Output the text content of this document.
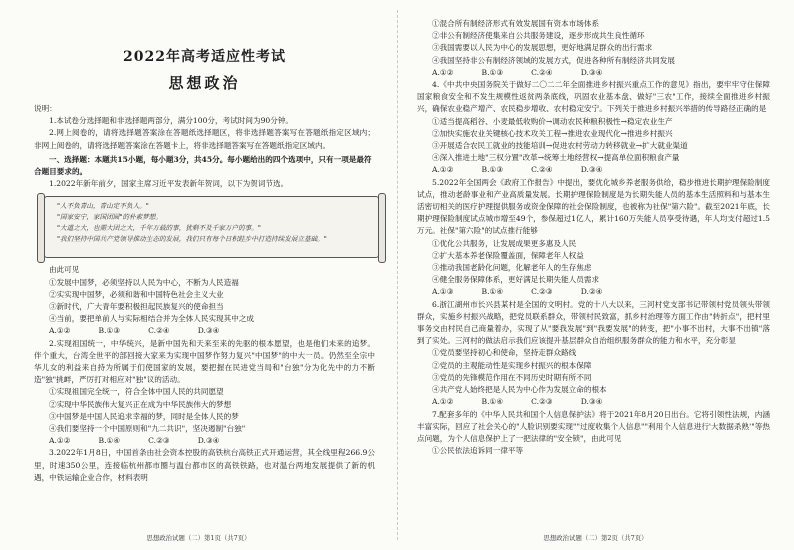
2022年高考适应性考试
思想政治

说明：

1.本试卷分选择题和非选择题两部分，满分100分，考试时间为90分钟。

2.网上阅卷的，请将选择题答案涂在答题纸选择题区，将非选择题答案写在答题纸指定区域内；非网上阅卷的，请将选择题答案涂在答题卡上，将非选择题答案写在答题纸指定区域内。

一、选择题：本题共15小题，每小题3分，共45分。每小题给出的四个选项中，只有一项是最符合题目要求的。

1.2022年新年前夕，国家主席习近平发表新年贺词，以下为贺词节选。

"人不负青山，青山定不负人。"

"国家安宁，家国团圆"的朴素梦想。

"大道之大，也需大团之大，千年万载的事，犹剩不及千家万户的事。"

"我们坚持中国共产党领导推动生态的发展，我们只有每个日积跬步中打造持续发展立基础。"

由此可见

①发展中国梦，必须坚持以人民为中心，不断为人民造福

②实实现中国梦，必须和谐和中国特色社会主义大业

③新时代，广大青年要积极担起民族复兴的使命担当

④当前，要把单前人与实际相结合并为全体人民实现其中之成

A.①②	B.①③	C.②④	D.③④

2.实现祖国统一，中华统兴，是新中国先和天来至来的先驱的根本愿望，也是他们未来的追梦。伴个重大，台湾全世平的部回接大家来为实现中国梦作努力复兴"中国梦"的中大一员。仍然至全宗中华儿女的利益来自持为所属于们使国家的发展，要把握在民进党当局和"台独"分为化先中的力不断造"独"挑衅，严厉打对相应对"独"议的活动。

①实现祖国完全统一，符合全体中国人民的共同愿望

②实现中华民族伟大复兴正在成为中华民族伟大的梦想

③中国梦是中国人民追求幸福的梦，同时是全体人民的梦

④我们要坚持一个中国原则和"九二共识"，坚决遏制"台独"

A.①②	B.①④	C.②③	D.③④

3.2022年1月8日，中国首条由社会资本控股的高铁杭台高铁正式开通运营，其全线里程266.9公里，时速350公里，连接临杭州都市圈与温台都市区的高铁铁路，也对温台两地发展提供了新的机遇，中铁运输企业合作，材料表明

思想政治试题（二）第1页（共7页）

①混合所有制经济形式有效发展国有资本市场体系

②非公有制经济使集来自公共服务建设，逐步形成共生良性循环

③我国需要以人民为中心的发展思想，更好地满足群众的出行需求

④我国坚持非公有制经济领域的发展方式，促进各种所有制经济共同发展

A.①②	B.①③	C.②④	D.③④

4.《中共中央国务院关于做好二〇二二年全面推进乡村振兴重点工作的意见》指出，要牢牢守住保障国家粮食安全和不发生规模性返贫两条底线，巩固农业基本盘、做好"三农"工作，接续全面推进乡村振兴，确保农业稳产增产、农民稳步增收、农村稳定安宁。下列关于推进乡村振兴举措的传导路径正确的是

①适当提高稻谷、小麦最低收购价→调动农民种粮积极性→稳定农业生产

②加快实施农业关键核心技术攻关工程→推进农业现代化→推进乡村振兴

③开展适合农民工就业的技能培训→促进农村劳动力转移就业→扩大就业渠道

④深入推进土地"三权分置"改革→统筹土地经营权→提高单位面积粮食产量

A.①②	B.①③	C.②④	D.③④

5.2022年全国两会《政府工作报告》中提出，要优化城乡养老服务供给，稳步推进长期护理保险制度试点，推动老龄事业和产业高质量发展。长期护理保险制度是为长期失能人员的基本生活照料和与基本生活密切相关的医疗护理提供服务或资金保障的社会保险制度，也被称为社保"第六险"。截至2021年底，长期护理保险制度试点城市增至49个，参保超过1亿人，累计160万失能人员享受待遇，年人均支付超过1.5万元。社保"第六险"的试点推行能够

①优化公共服务，让发展成果更多惠及人民

②扩大基本养老保险覆盖面，保障老年人权益

③推动我国老龄化问题，化解老年人的生存焦虑

④健全服务保障体系，更好满足长期失能人员需求

A.①③	B.①④	C.②③	D.②④

6.浙江湖州市长兴县某村是全国的文明村。党的十八大以来，三河村党支部书记带领村党员领头带领群众，实施乡村振兴战略，把党员联系群众，带领村民致富，抓乡村治理等方面工作由"转折点"，把村里事务交由村民自己商量着办，实现了从"要我发展"到"我要发展"的转变，把"小事不出村，大事不出镇"落到了实处。三河村的做法启示我们应该提升基层群众自治组织服务群众的能力和水平，充分彰显

①党员要坚持初心和使命，坚持走群众路线

②党员的主观能动性是实现乡村振兴的根本保障

③党员的先锋模范作用在不同历史时期有所不同

④共产党人始终把是人民为中心作为发展立命的根本

A.①②	B.①④	C.②③	D.③④

7.配套多年的《中华人民共和国个人信息保护法》将于2021年8月20日出台。它将引领性法规，内涵丰富实际，回应了社会关心的"人脸识别要实现""过度收集个人信息""利用个人信息进行'大数据杀熟'"等热点问题，为个人信息保护上了一把法律的"安全锁"，由此可见

①公民依法追诉同一律平等

思想政治试题（二）第2页（共7页）
